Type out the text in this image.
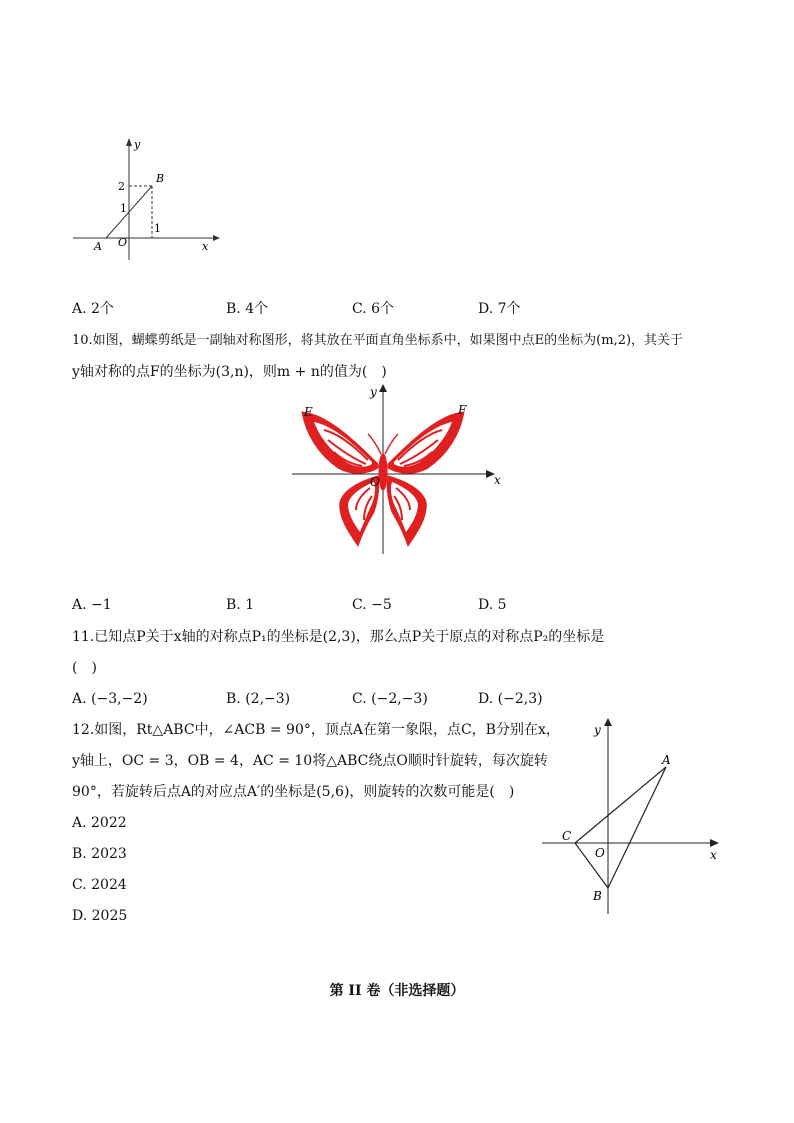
y
x
B
A O
2
1
1
A. 2个	B. 4个	C. 6个	D. 7个
10.如图，蝴蝶剪纸是一副轴对称图形，将其放在平面直角坐标系中，如果图中点E的坐标为(m,2)，其关于
y轴对称的点F的坐标为(3,n)，则m + n的值为(　)
E	F
O
y
x
A. −1	B. 1	C. −5	D. 5
11.已知点P关于x轴的对称点P₁的坐标是(2,3)，那么点P关于原点的对称点P₂的坐标是
(　)
A. (−3,−2)	B. (2,−3)	C. (−2,−3)	D. (−2,3)
12.如图，Rt△ABC中，∠ACB = 90°，顶点A在第一象限，点C，B分别在x，
y轴上，OC = 3，OB = 4，AC = 10将△ABC绕点O顺时针旋转，每次旋转
90°，若旋转后点A的对应点A′的坐标是(5,6)，则旋转的次数可能是(　)
A. 2022
B. 2023
C. 2024
D. 2025
y
x
A
C
O
B
第 II 卷（非选择题）
